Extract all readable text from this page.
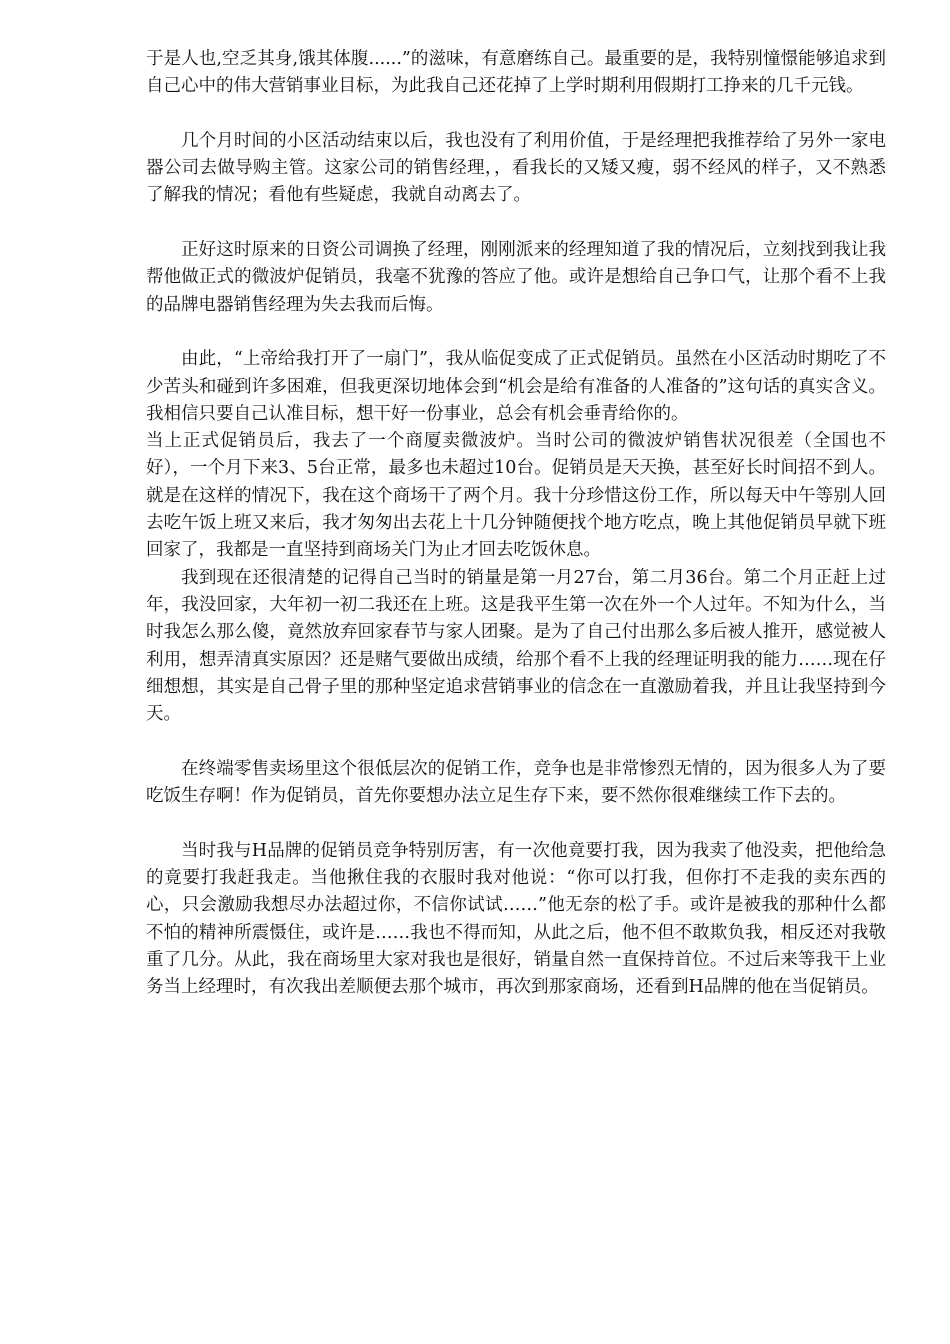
于是人也,空乏其身,饿其体腹......”的滋味，有意磨练自己。最重要的是，我特别憧憬能够追求到自己心中的伟大营销事业目标，为此我自己还花掉了上学时期利用假期打工挣来的几千元钱。

几个月时间的小区活动结束以后，我也没有了利用价值，于是经理把我推荐给了另外一家电器公司去做导购主管。这家公司的销售经理，，看我长的又矮又瘦，弱不经风的样子，又不熟悉了解我的情况；看他有些疑虑，我就自动离去了。

正好这时原来的日资公司调换了经理，刚刚派来的经理知道了我的情况后，立刻找到我让我帮他做正式的微波炉促销员，我毫不犹豫的答应了他。或许是想给自己争口气，让那个看不上我的品牌电器销售经理为失去我而后悔。

由此，“上帝给我打开了一扇门”，我从临促变成了正式促销员。虽然在小区活动时期吃了不少苦头和碰到许多困难，但我更深切地体会到“机会是给有准备的人准备的”这句话的真实含义。我相信只要自己认准目标，想干好一份事业，总会有机会垂青给你的。

当上正式促销员后，我去了一个商厦卖微波炉。当时公司的微波炉销售状况很差（全国也不好），一个月下来3、5台正常，最多也未超过10台。促销员是天天换，甚至好长时间招不到人。就是在这样的情况下，我在这个商场干了两个月。我十分珍惜这份工作，所以每天中午等别人回去吃午饭上班又来后，我才匆匆出去花上十几分钟随便找个地方吃点，晚上其他促销员早就下班回家了，我都是一直坚持到商场关门为止才回去吃饭休息。

我到现在还很清楚的记得自己当时的销量是第一月27台，第二月36台。第二个月正赶上过年，我没回家，大年初一初二我还在上班。这是我平生第一次在外一个人过年。不知为什么，当时我怎么那么傻，竟然放弃回家春节与家人团聚。是为了自己付出那么多后被人推开，感觉被人利用，想弄清真实原因？还是赌气要做出成绩，给那个看不上我的经理证明我的能力……现在仔细想想，其实是自己骨子里的那种坚定追求营销事业的信念在一直激励着我，并且让我坚持到今天。

在终端零售卖场里这个很低层次的促销工作，竞争也是非常惨烈无情的，因为很多人为了要吃饭生存啊！作为促销员，首先你要想办法立足生存下来，要不然你很难继续工作下去的。

当时我与H品牌的促销员竞争特别厉害，有一次他竟要打我，因为我卖了他没卖，把他给急的竟要打我赶我走。当他揪住我的衣服时我对他说：“你可以打我，但你打不走我的卖东西的心，只会激励我想尽办法超过你，不信你试试……”他无奈的松了手。或许是被我的那种什么都不怕的精神所震慑住，或许是……我也不得而知，从此之后，他不但不敢欺负我，相反还对我敬重了几分。从此，我在商场里大家对我也是很好，销量自然一直保持首位。不过后来等我干上业务当上经理时，有次我出差顺便去那个城市，再次到那家商场，还看到H品牌的他在当促销员。
